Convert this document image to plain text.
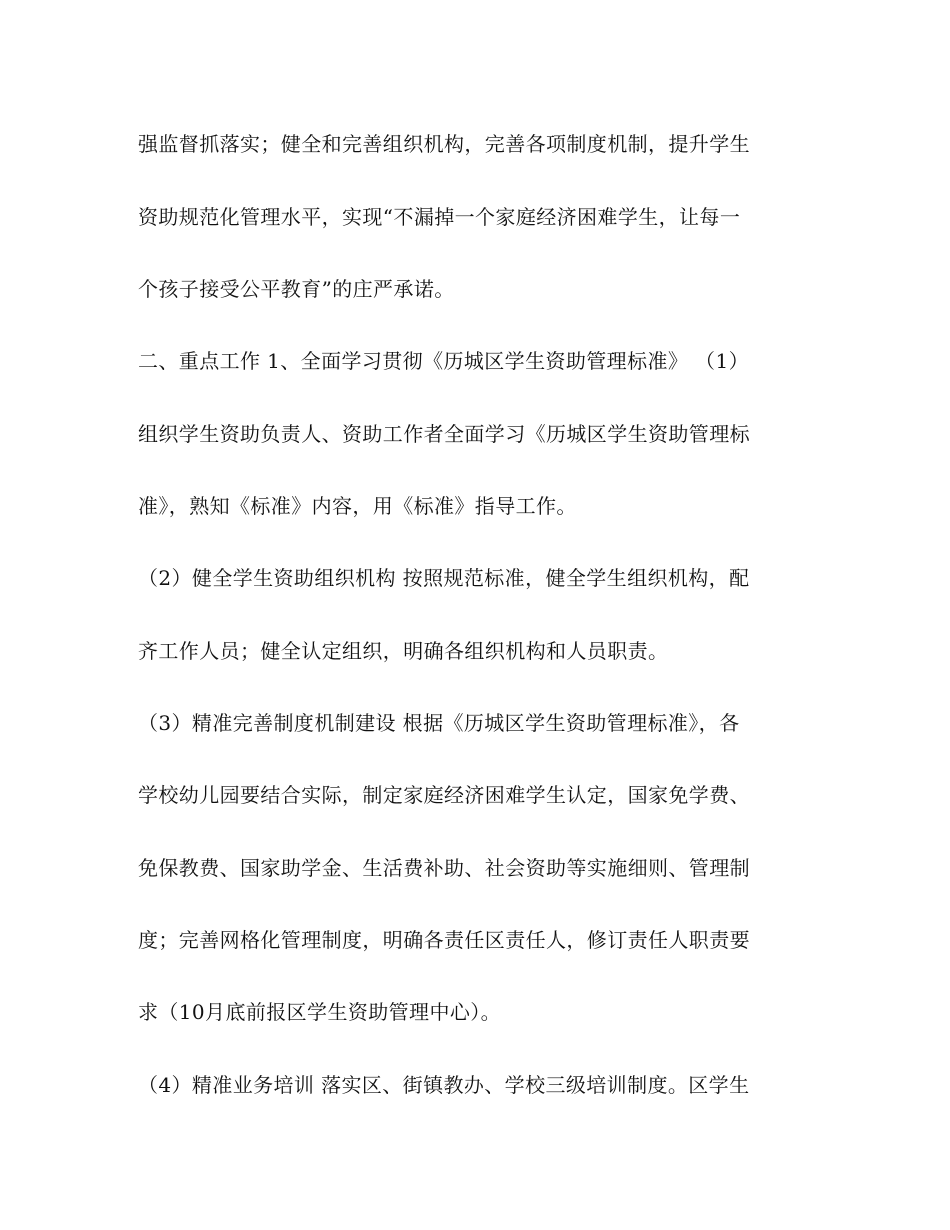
强监督抓落实；健全和完善组织机构，完善各项制度机制，提升学生
资助规范化管理水平，实现“不漏掉一个家庭经济困难学生，让每一
个孩子接受公平教育”的庄严承诺。
二、重点工作 1、全面学习贯彻《历城区学生资助管理标准》 （1）
组织学生资助负责人、资助工作者全面学习《历城区学生资助管理标
准》，熟知《标准》内容，用《标准》指导工作。
（2）健全学生资助组织机构 按照规范标准，健全学生组织机构，配
齐工作人员；健全认定组织，明确各组织机构和人员职责。
（3）精准完善制度机制建设 根据《历城区学生资助管理标准》，各
学校幼儿园要结合实际，制定家庭经济困难学生认定，国家免学费、
免保教费、国家助学金、生活费补助、社会资助等实施细则、管理制
度；完善网格化管理制度，明确各责任区责任人，修订责任人职责要
求（10月底前报区学生资助管理中心）。
（4）精准业务培训 落实区、街镇教办、学校三级培训制度。区学生
